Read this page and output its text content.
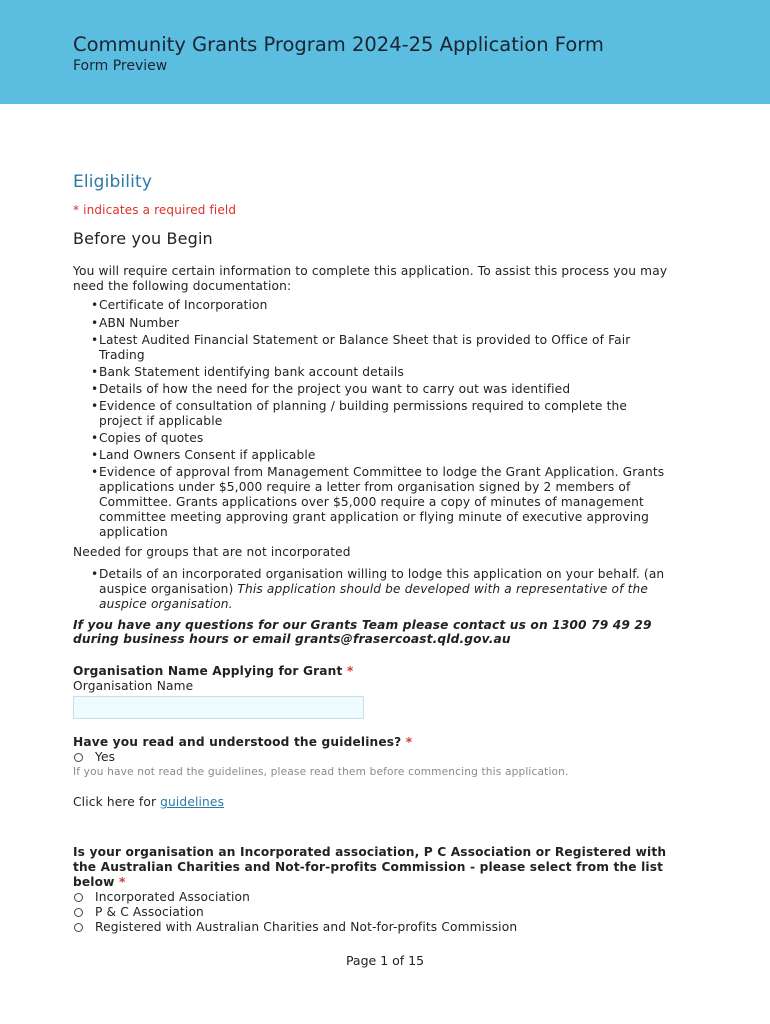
Community Grants Program 2024-25 Application Form
Form Preview
Eligibility
* indicates a required field
Before you Begin
You will require certain information to complete this application. To assist this process you may need the following documentation:
• Certificate of Incorporation
• ABN Number
• Latest Audited Financial Statement or Balance Sheet that is provided to Office of Fair Trading
• Bank Statement identifying bank account details
• Details of how the need for the project you want to carry out was identified
• Evidence of consultation of planning / building permissions required to complete the project if applicable
• Copies of quotes
• Land Owners Consent if applicable
• Evidence of approval from Management Committee to lodge the Grant Application. Grants applications under $5,000 require a letter from organisation signed by 2 members of Committee. Grants applications over $5,000 require a copy of minutes of management committee meeting approving grant application or flying minute of executive approving application
Needed for groups that are not incorporated
• Details of an incorporated organisation willing to lodge this application on your behalf. (an auspice organisation) This application should be developed with a representative of the auspice organisation.
If you have any questions for our Grants Team please contact us on 1300 79 49 29 during business hours or email grants@frasercoast.qld.gov.au
Organisation Name Applying for Grant *
Organisation Name
Have you read and understood the guidelines? *
Yes
If you have not read the guidelines, please read them before commencing this application.
Click here for guidelines
Is your organisation an Incorporated association, P C Association or Registered with the Australian Charities and Not-for-profits Commission - please select from the list below *
Incorporated Association
P & C Association
Registered with Australian Charities and Not-for-profits Commission
Page 1 of 15
